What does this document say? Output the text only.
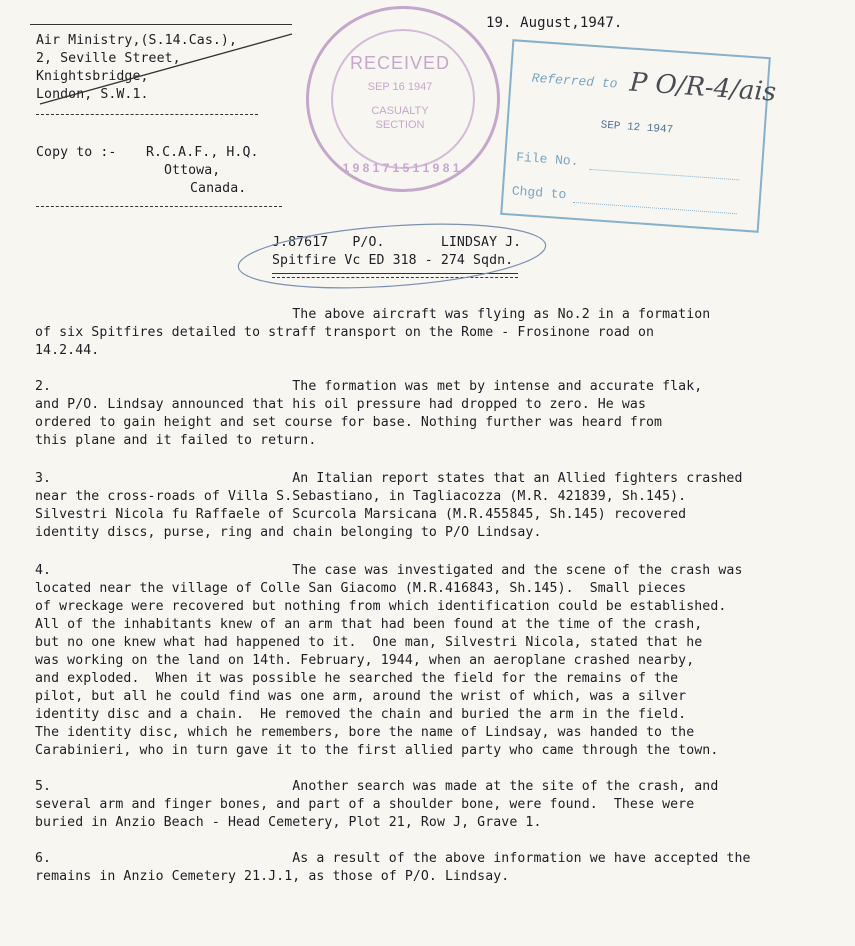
19. August,1947.
Air Ministry,(S.14.Cas.),
2, Seville Street,
Knightsbridge,
London, S.W.1.
Copy to :- R.C.A.F., H.Q.
Ottowa,
Canada.
RECEIVED
SEP 16 1947
CASUALTY
SECTION
1 9 8 1 7 1 5 1 1 9 8 1
Referred to P O/R-4/ais
SEP 12 1947
File No.
Chgd to
J.87617   P/O.       LINDSAY J.
Spitfire Vc ED 318 - 274 Sqdn.
The above aircraft was flying as No.2 in a formation
of six Spitfires detailed to straff transport on the Rome - Frosinone road on
14.2.44.
2.                              The formation was met by intense and accurate flak,
and P/O. Lindsay announced that his oil pressure had dropped to zero. He was
ordered to gain height and set course for base. Nothing further was heard from
this plane and it failed to return.
3.                              An Italian report states that an Allied fighters crashed
near the cross-roads of Villa S.Sebastiano, in Tagliacozza (M.R. 421839, Sh.145).
Silvestri Nicola fu Raffaele of Scurcola Marsicana (M.R.455845, Sh.145) recovered
identity discs, purse, ring and chain belonging to P/O Lindsay.
4.                              The case was investigated and the scene of the crash was
located near the village of Colle San Giacomo (M.R.416843, Sh.145).  Small pieces
of wreckage were recovered but nothing from which identification could be established.
All of the inhabitants knew of an arm that had been found at the time of the crash,
but no one knew what had happened to it.  One man, Silvestri Nicola, stated that he
was working on the land on 14th. February, 1944, when an aeroplane crashed nearby,
and exploded.  When it was possible he searched the field for the remains of the
pilot, but all he could find was one arm, around the wrist of which, was a silver
identity disc and a chain.  He removed the chain and buried the arm in the field.
The identity disc, which he remembers, bore the name of Lindsay, was handed to the
Carabinieri, who in turn gave it to the first allied party who came through the town.
5.                              Another search was made at the site of the crash, and
several arm and finger bones, and part of a shoulder bone, were found.  These were
buried in Anzio Beach - Head Cemetery, Plot 21, Row J, Grave 1.
6.                              As a result of the above information we have accepted the
remains in Anzio Cemetery 21.J.1, as those of P/O. Lindsay.
